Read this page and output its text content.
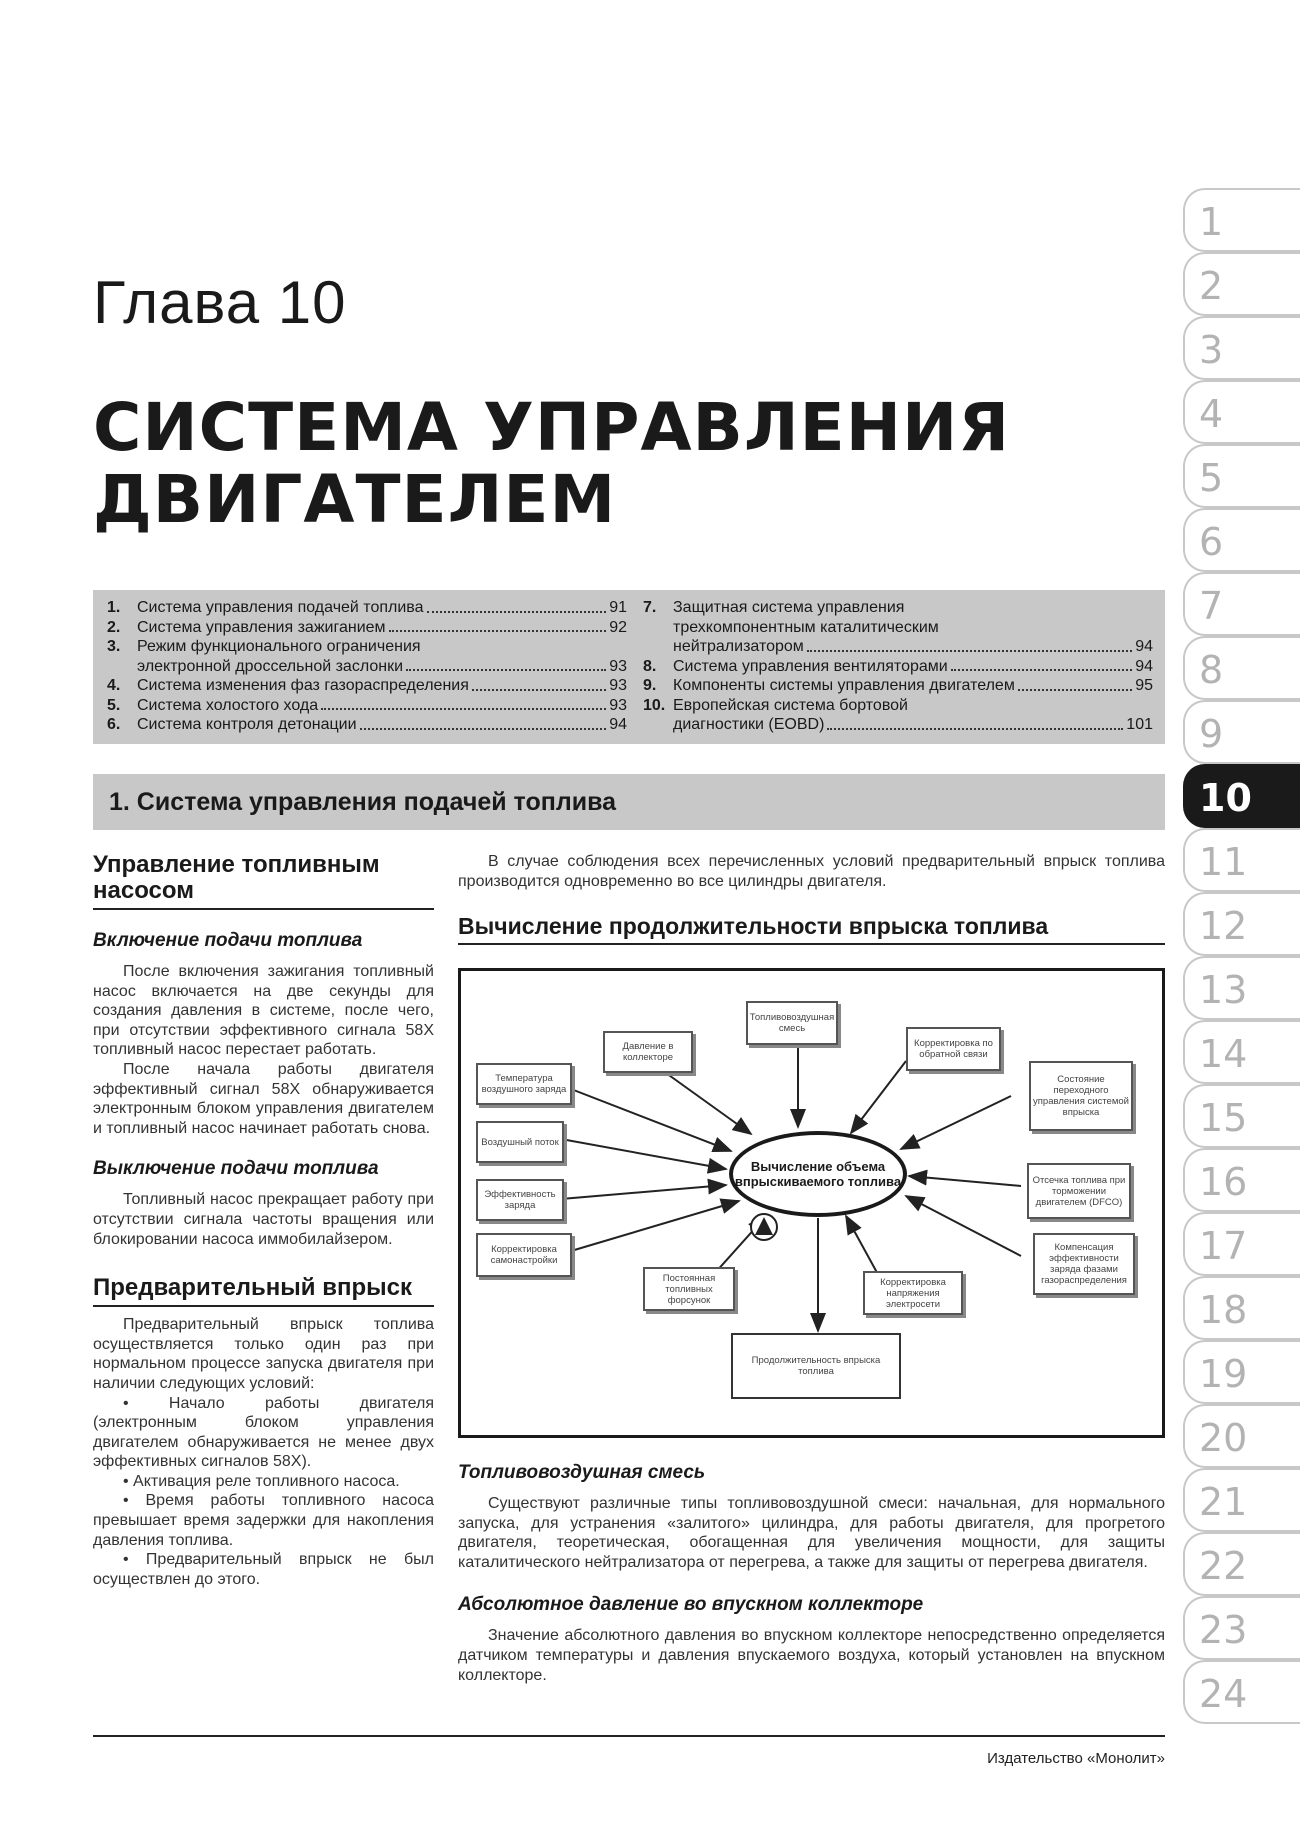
Глава 10
СИСТЕМА УПРАВЛЕНИЯ
ДВИГАТЕЛЕМ
1.	Система управления подачей топлива	91
2.	Система управления зажиганием	92
3.	Режим функционального ограничения
электронной дроссельной заслонки	93
4.	Система изменения фаз газораспределения	93
5.	Система холостого хода	93
6.	Система контроля детонации	94
7.	Защитная система управления
трехкомпонентным каталитическим
нейтрализатором	94
8.	Система управления вентиляторами	94
9.	Компоненты системы управления двигателем	95
10. Европейская система бортовой
диагностики (EOBD)	101
1. Система управления подачей топлива
1
2
3
4
5
6
7
8
9
10
11
12
13
14
15
16
17
18
19
20
21
22
23
24
Управление топливным насосом
Включение подачи топлива

После включения зажигания топливный насос включается на две секунды для создания давления в системе, после чего, при отсутствии эффективного сигнала 58X топливный насос перестает работать.

После начала работы двигателя эффективный сигнал 58X обнаруживается электронным блоком управления двигателем и топливный насос начинает работать снова.

Выключение подачи топлива

Топливный насос прекращает работу при отсутствии сигнала частоты вращения или блокировании насоса иммобилайзером.

Предварительный впрыск

Предварительный впрыск топлива осуществляется только один раз при нормальном процессе запуска двигателя при наличии следующих условий:

• Начало работы двигателя (электронным блоком управления двигателем обнаруживается не менее двух эффективных сигналов 58X).

• Активация реле топливного насоса.

• Время работы топливного насоса превышает время задержки для накопления давления топлива.

• Предварительный впрыск не был осуществлен до этого.

В случае соблюдения всех перечисленных условий предварительный впрыск топлива производится одновременно во все цилиндры двигателя.

Вычисление продолжительности впрыска топлива
Топливовоздушная смесь
Давление в коллекторе
Корректировка по обратной связи
Температура воздушного заряда
Состояние переходного управления системой впрыска
Воздушный поток
Отсечка топлива при торможении двигателем (DFCO)
Эффективность заряда
Компенсация эффективности заряда фазами газораспределения
Корректировка самонастройки
Постоянная топливных форсунок
Корректировка напряжения электросети
Вычисление объема впрыскиваемого топлива
Продолжительность впрыска топлива
Топливовоздушная смесь

Существуют различные типы топливовоздушной смеси: начальная, для нормального запуска, для устранения «залитого» цилиндра, для работы двигателя, для прогретого двигателя, теоретическая, обогащенная для увеличения мощности, для защиты каталитического нейтрализатора от перегрева, а также для защиты от перегрева двигателя.

Абсолютное давление во впускном коллекторе

Значение абсолютного давления во впускном коллекторе непосредственно определяется датчиком температуры и давления впускаемого воздуха, который установлен на впускном коллекторе.

Издательство «Монолит»
